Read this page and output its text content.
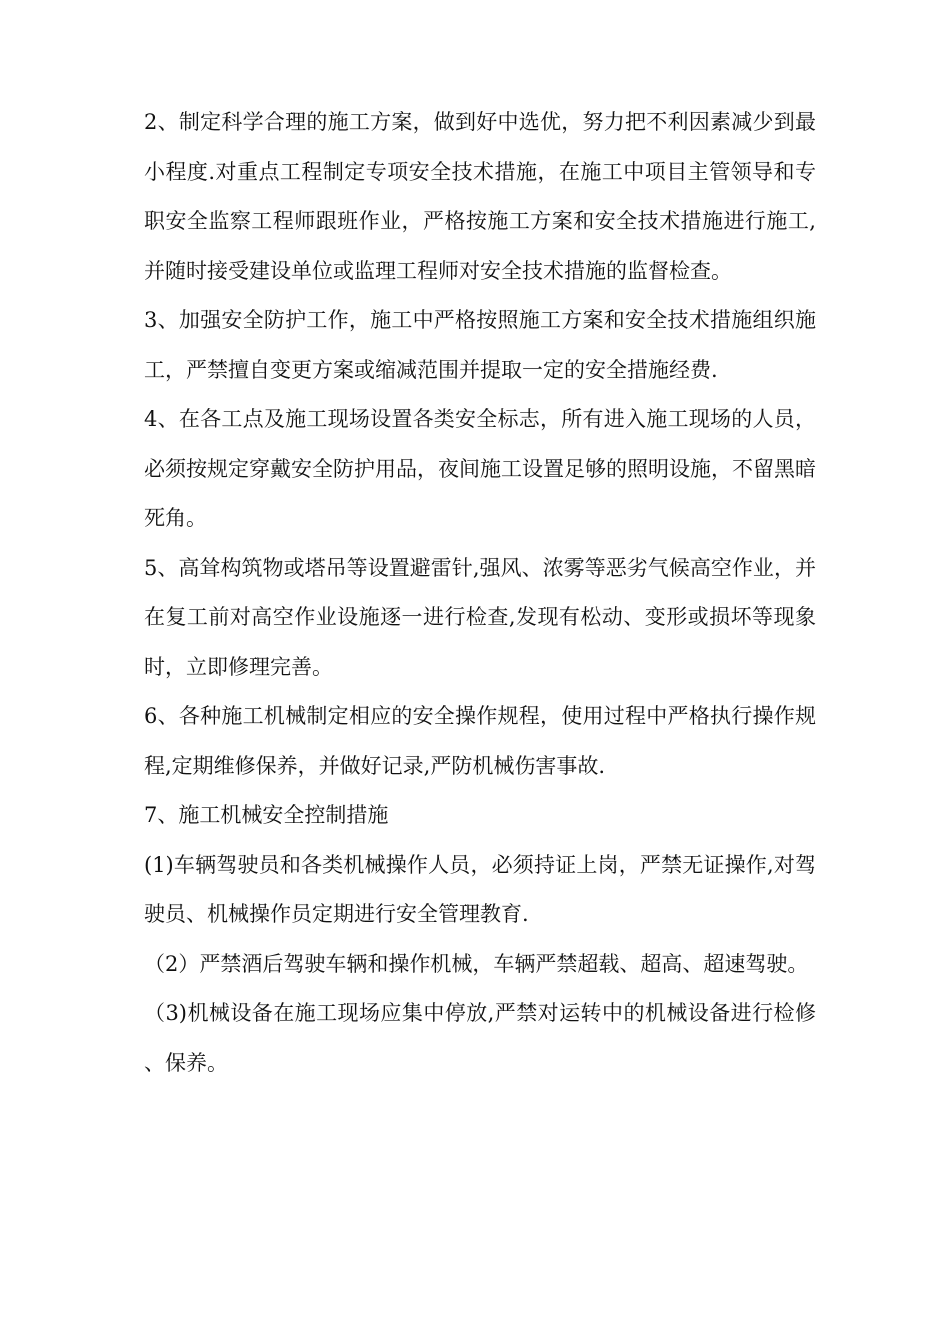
2、制定科学合理的施工方案，做到好中选优，努力把不利因素减少到最小程度.对重点工程制定专项安全技术措施，在施工中项目主管领导和专职安全监察工程师跟班作业，严格按施工方案和安全技术措施进行施工,并随时接受建设单位或监理工程师对安全技术措施的监督检查。

3、加强安全防护工作，施工中严格按照施工方案和安全技术措施组织施工，严禁擅自变更方案或缩减范围并提取一定的安全措施经费.

4、在各工点及施工现场设置各类安全标志，所有进入施工现场的人员，必须按规定穿戴安全防护用品，夜间施工设置足够的照明设施，不留黑暗死角。

5、高耸构筑物或塔吊等设置避雷针,强风、浓雾等恶劣气候高空作业，并在复工前对高空作业设施逐一进行检查,发现有松动、变形或损坏等现象时，立即修理完善。

6、各种施工机械制定相应的安全操作规程，使用过程中严格执行操作规程,定期维修保养，并做好记录,严防机械伤害事故.

7、施工机械安全控制措施

(1)车辆驾驶员和各类机械操作人员，必须持证上岗，严禁无证操作,对驾驶员、机械操作员定期进行安全管理教育.

（2）严禁酒后驾驶车辆和操作机械，车辆严禁超载、超高、超速驾驶。

（3)机械设备在施工现场应集中停放,严禁对运转中的机械设备进行检修、保养。
